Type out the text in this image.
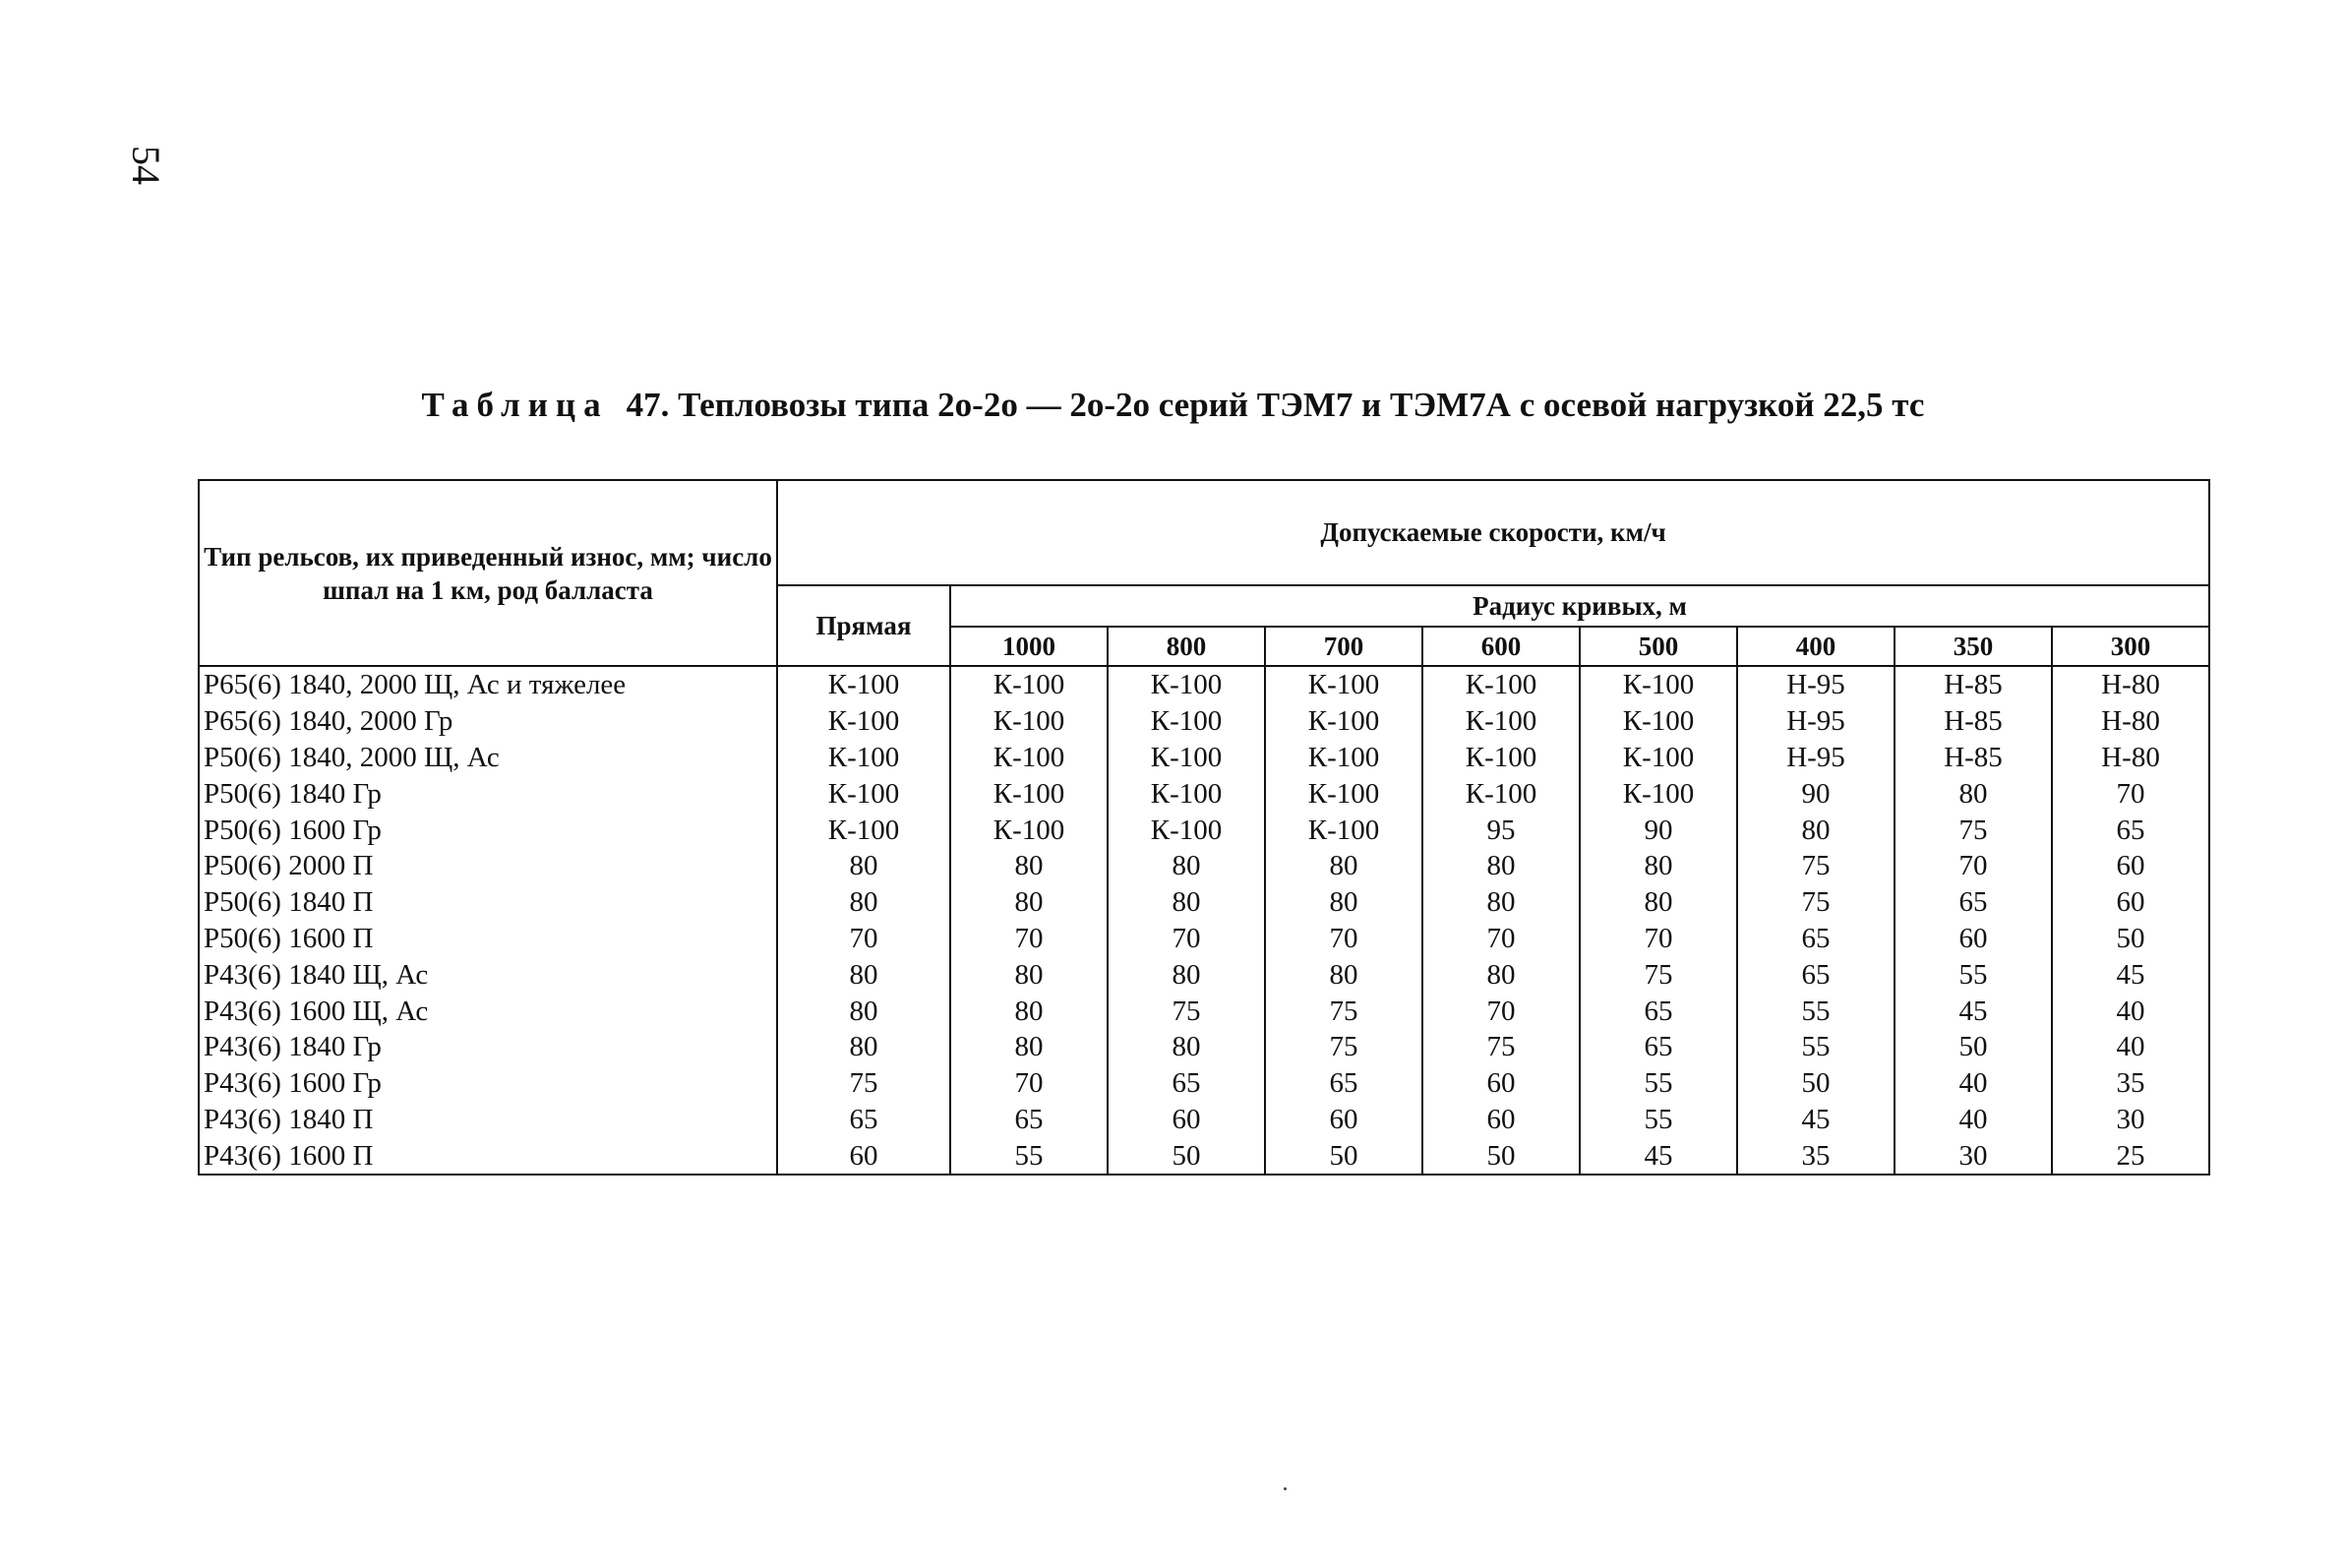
54
Таблица 47. Тепловозы типа 2о-2о — 2о-2о серий ТЭМ7 и ТЭМ7А с осевой нагрузкой 22,5 тс
Тип рельсов, их приведенный износ, мм; число шпал на 1 км, род балласта	Допускаемые скорости, км/ч								
	Прямая	Радиус кривых, м							
		1000	800	700	600	500	400	350	300

Р65(6) 1840, 2000 Щ, Ас и тяжелее	К-100	К-100	К-100	К-100	К-100	К-100	Н-95	Н-85	Н-80
Р65(6) 1840, 2000 Гр	К-100	К-100	К-100	К-100	К-100	К-100	Н-95	Н-85	Н-80
Р50(6) 1840, 2000 Щ, Ас	К-100	К-100	К-100	К-100	К-100	К-100	Н-95	Н-85	Н-80
Р50(6) 1840 Гр	К-100	К-100	К-100	К-100	К-100	К-100	90	80	70
Р50(6) 1600 Гр	К-100	К-100	К-100	К-100	95	90	80	75	65
Р50(6) 2000 П	80	80	80	80	80	80	75	70	60
Р50(6) 1840 П	80	80	80	80	80	80	75	65	60
Р50(6) 1600 П	70	70	70	70	70	70	65	60	50
Р43(6) 1840 Щ, Ас	80	80	80	80	80	75	65	55	45
Р43(6) 1600 Щ, Ас	80	80	75	75	70	65	55	45	40
Р43(6) 1840 Гр	80	80	80	75	75	65	55	50	40
Р43(6) 1600 Гр	75	70	65	65	60	55	50	40	35
Р43(6) 1840 П	65	65	60	60	60	55	45	40	30
Р43(6) 1600 П	60	55	50	50	50	45	35	30	25
